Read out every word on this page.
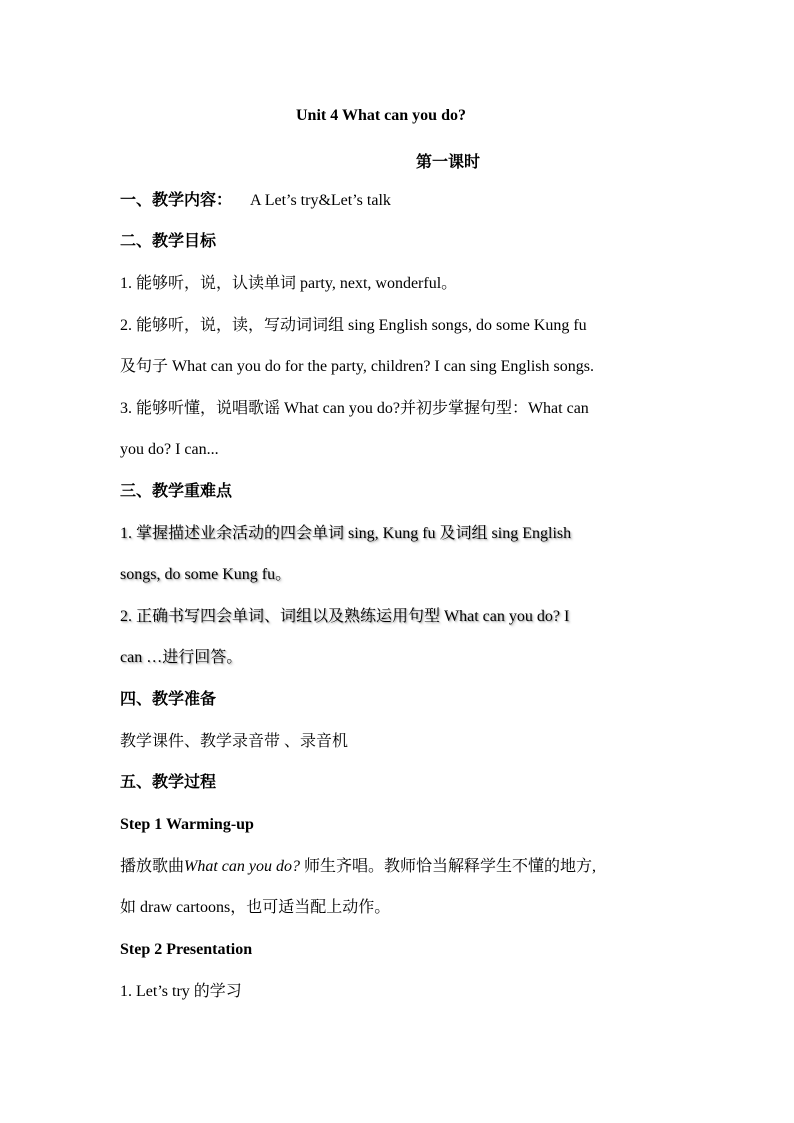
Unit 4 What can you do?
第一课时
一、教学内容： A Let’s try&Let’s talk
二、教学目标
1. 能够听，说，认读单词 party, next, wonderful。
2. 能够听，说，读，写动词词组 sing English songs, do some Kung fu
及句子 What can you do for the party, children? I can sing English songs.
3. 能够听懂，说唱歌谣 What can you do?并初步掌握句型：What can
you do? I can...
三、教学重难点
1. 掌握描述业余活动的四会单词 sing, Kung fu 及词组 sing English
songs, do some Kung fu。
2. 正确书写四会单词、词组以及熟练运用句型 What can you do? I
can …进行回答。
四、教学准备
教学课件、教学录音带 、录音机
五、教学过程
Step 1 Warming-up
播放歌曲What can you do? 师生齐唱。教师恰当解释学生不懂的地方,
如 draw cartoons，也可适当配上动作。
Step 2 Presentation
1. Let’s try 的学习
